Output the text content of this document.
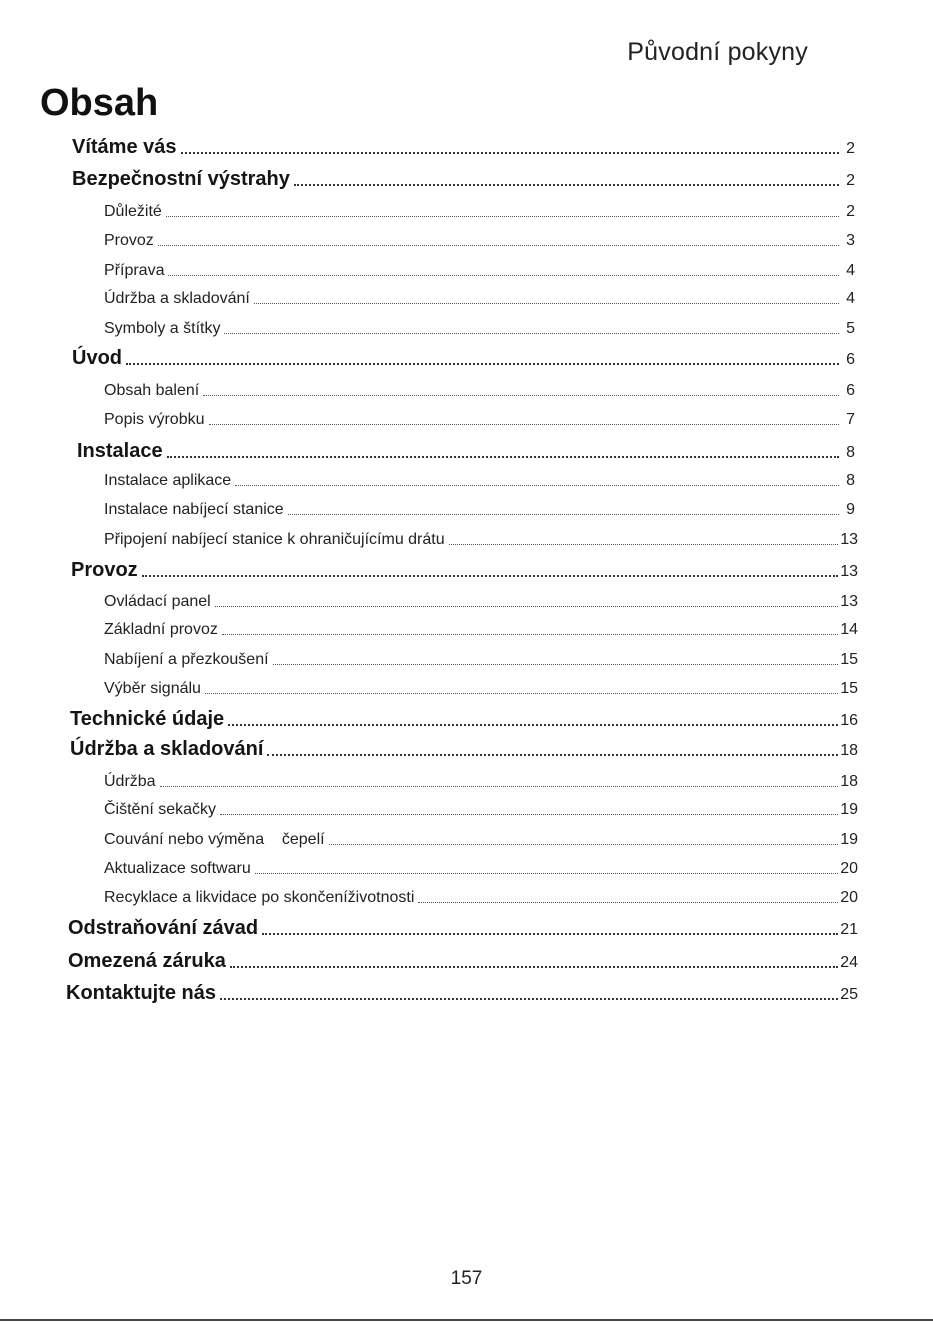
Původní pokyny
Obsah
Vítáme vás	2
Bezpečnostní výstrahy	2
Důležité	2
Provoz	3
Příprava	4
Údržba a skladování	4
Symboly a štítky	5
Úvod	6
Obsah balení	6
Popis výrobku	7
Instalace	8
Instalace aplikace	8
Instalace nabíjecí stanice	9
Připojení nabíjecí stanice k ohraničujícímu drátu	13
Provoz	13
Ovládací panel	13
Základní provoz	14
Nabíjení a přezkoušení	15
Výběr signálu	15
Technické údaje	16
Údržba a skladování	18
Údržba	18
Čištění sekačky	19
Couvání nebo výměna    čepelí	19
Aktualizace softwaru	20
Recyklace a likvidace po skončeníživotnosti	20
Odstraňování závad	21
Omezená záruka	24
Kontaktujte nás	25
157
